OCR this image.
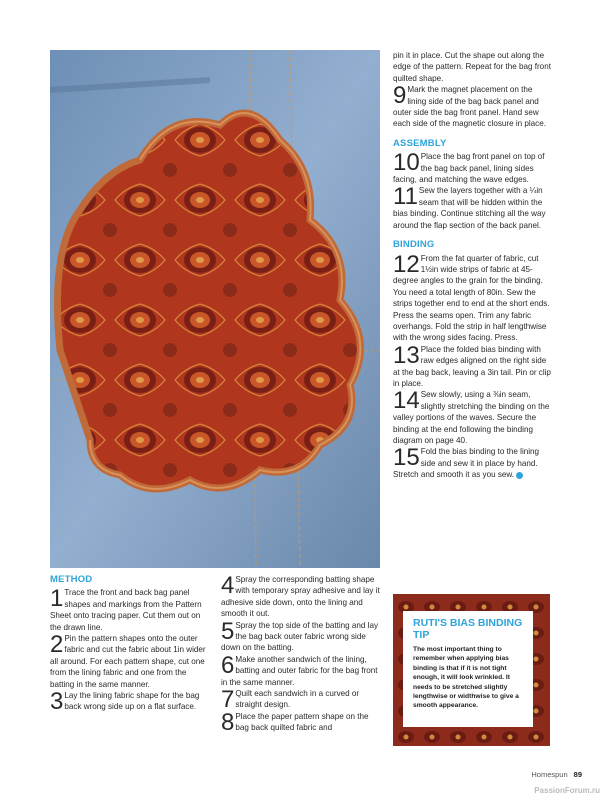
pin it in place. Cut the shape out along the edge of the pattern. Repeat for the bag front quilted shape.

9 Mark the magnet placement on the lining side of the bag back panel and outer side the bag front panel. Hand sew each side of the magnetic closure in place.
ASSEMBLY
10 Place the bag front panel on top of the bag back panel, lining sides facing, and matching the wave edges.
11 Sew the layers together with a ¼in seam that will be hidden within the bias binding. Continue stitching all the way around the flap section of the back panel.
BINDING
12 From the fat quarter of fabric, cut 1½in wide strips of fabric at 45-degree angles to the grain for the binding. You need a total length of 80in. Sew the strips together end to end at the short ends. Press the seams open. Trim any fabric overhangs. Fold the strip in half lengthwise with the wrong sides facing. Press.
13 Place the folded bias binding with raw edges aligned on the right side at the bag back, leaving a 3in tail. Pin or clip in place.
14 Sew slowly, using a ⅜in seam, slightly stretching the binding on the valley portions of the waves. Secure the binding at the end following the binding diagram on page 40.
15 Fold the bias binding to the lining side and sew it in place by hand. Stretch and smooth it as you sew.
METHOD
1 Trace the front and back bag panel shapes and markings from the Pattern Sheet onto tracing paper. Cut them out on the drawn line.
2 Pin the pattern shapes onto the outer fabric and cut the fabric about 1in wider all around. For each pattern shape, cut one from the lining fabric and one from the batting in the same manner.
3 Lay the lining fabric shape for the bag back wrong side up on a flat surface.
4 Spray the corresponding batting shape with temporary spray adhesive and lay it adhesive side down, onto the lining and smooth it out.
5 Spray the top side of the batting and lay the bag back outer fabric wrong side down on the batting.
6 Make another sandwich of the lining, batting and outer fabric for the bag front in the same manner.
7 Quilt each sandwich in a curved or straight design.
8 Place the paper pattern shape on the bag back quilted fabric and

RUTI'S BIAS BINDING TIP

The most important thing to remember when applying bias binding is that if it is not tight enough, it will look wrinkled. It needs to be stretched slightly lengthwise or widthwise to give a smooth appearance.

Homespun 89
PassionForum.ru
